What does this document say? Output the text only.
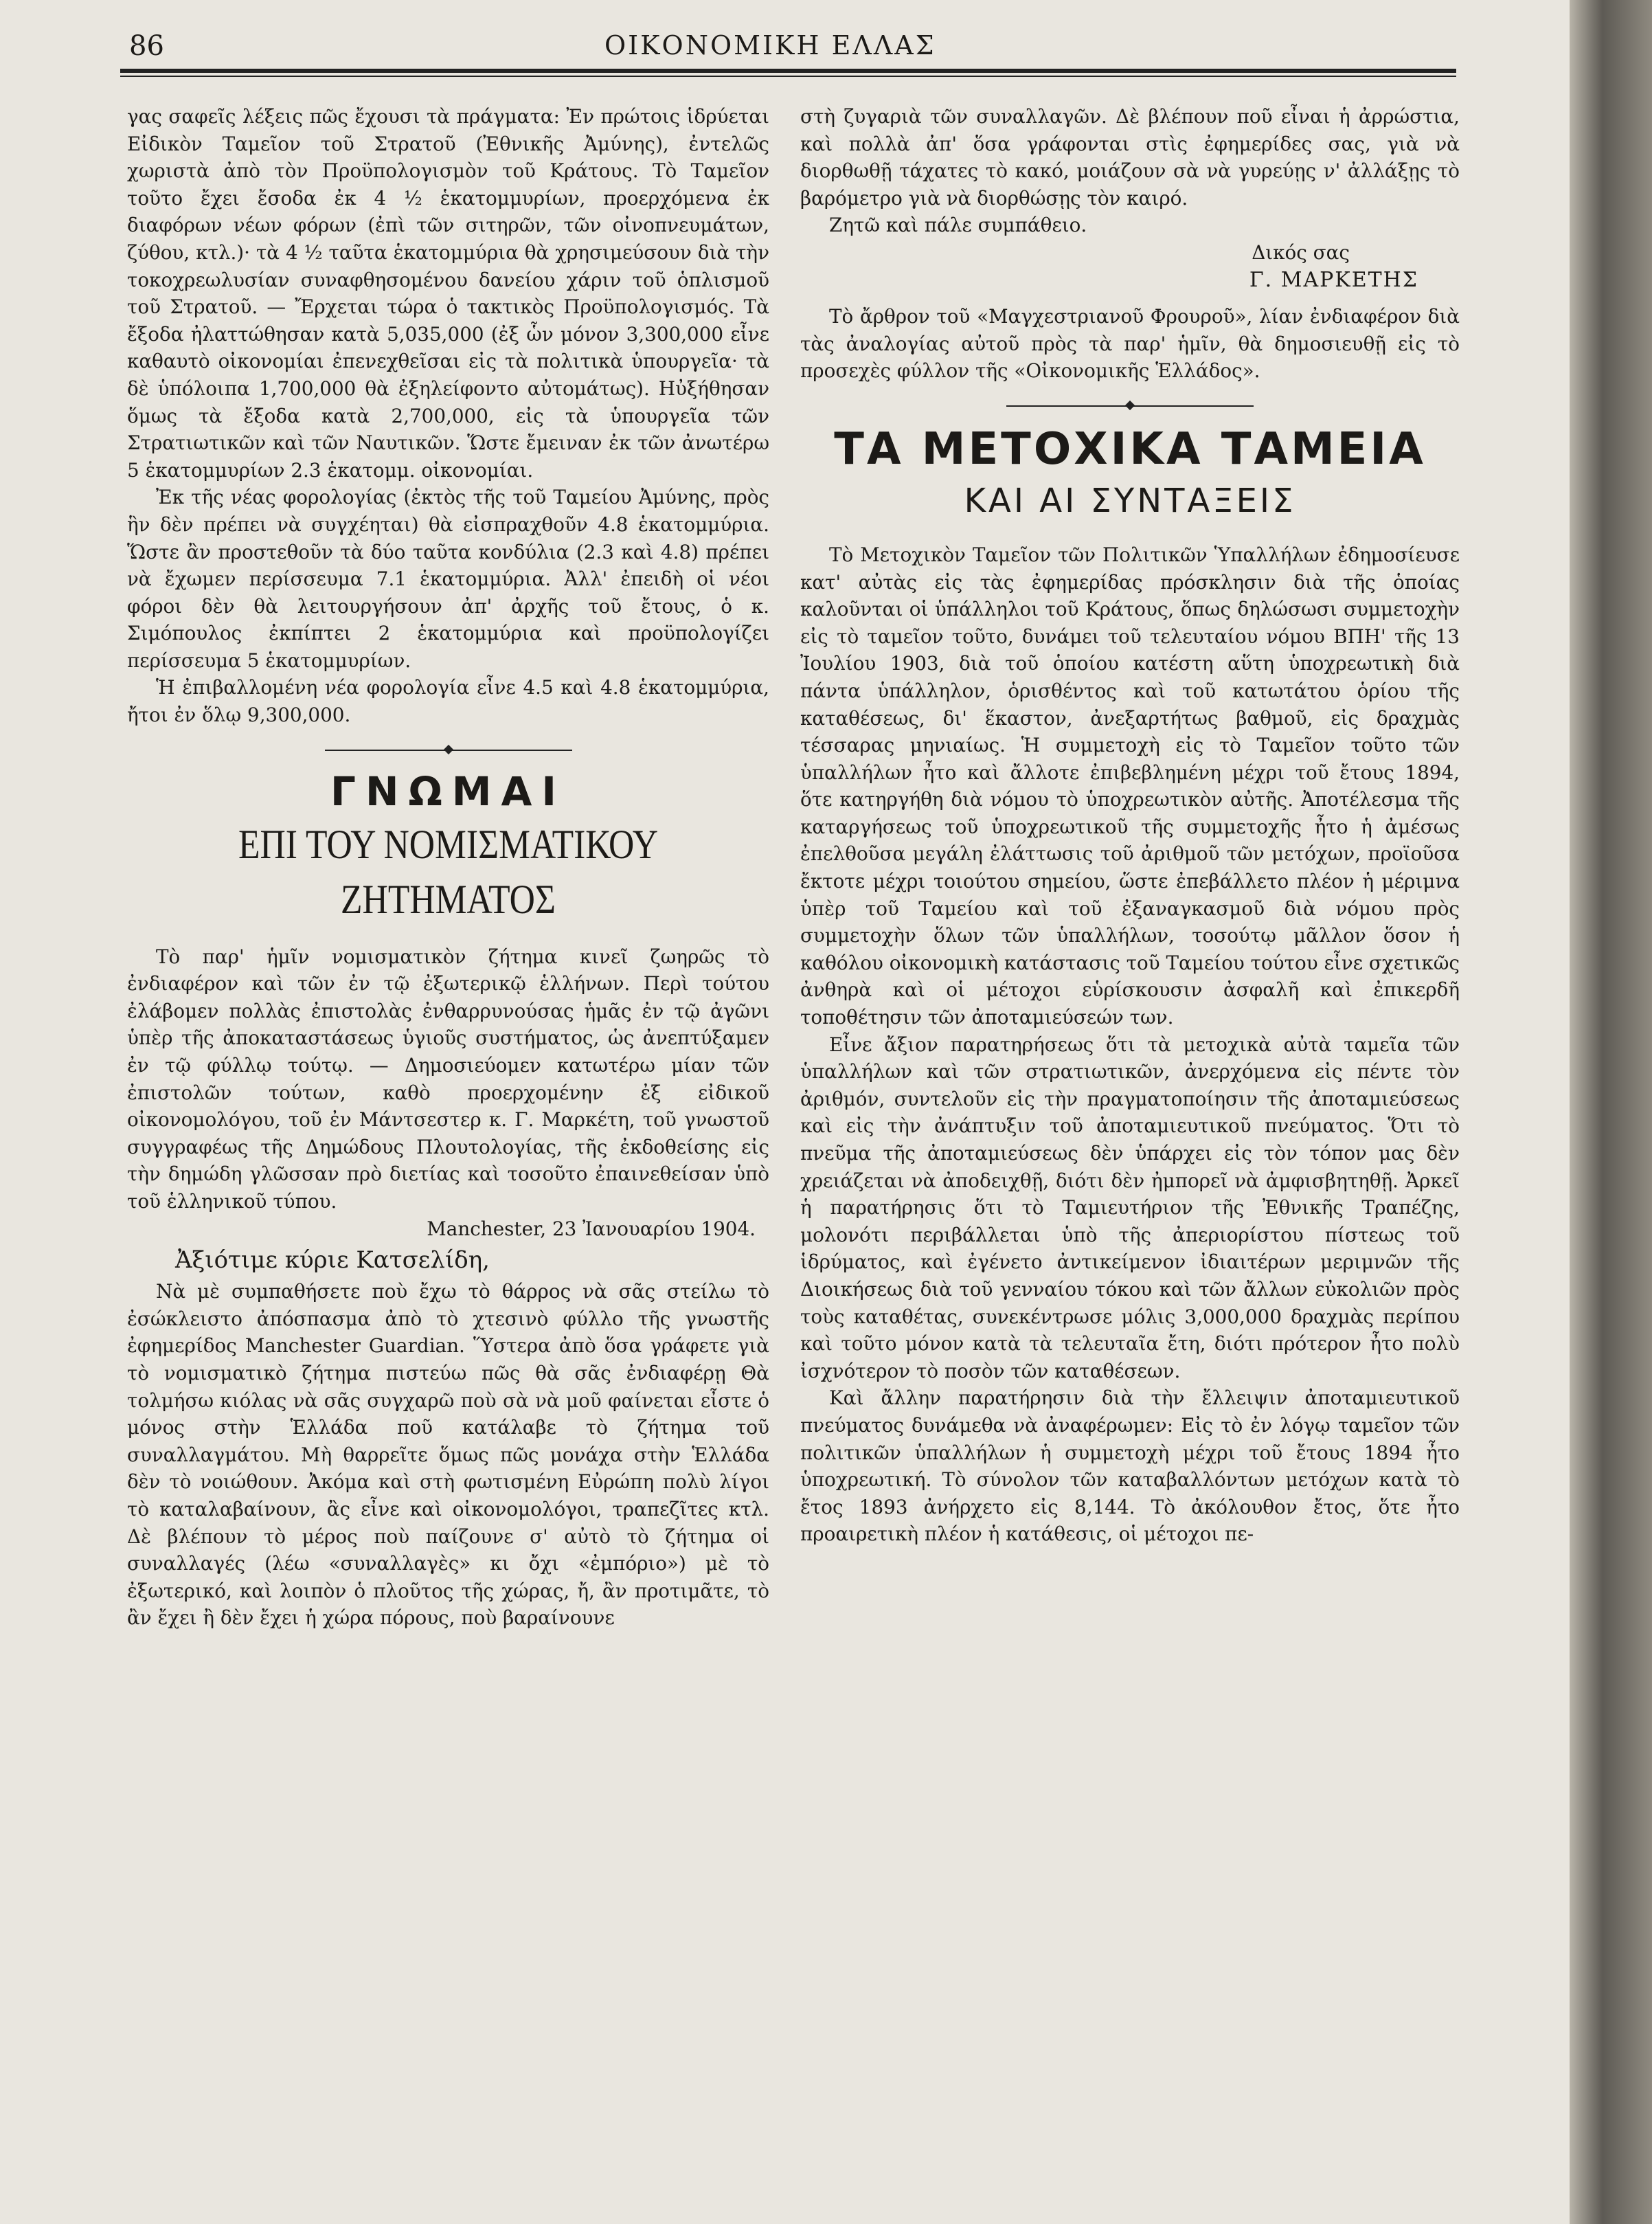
86	ΟΙΚΟΝΟΜΙΚΗ ΕΛΛΑΣ

γας σαφεῖς λέξεις πῶς ἔχουσι τὰ πράγματα: Ἐν πρώτοις ἱδρύεται Εἰδικὸν Ταμεῖον τοῦ Στρατοῦ (Ἐθνικῆς Ἀμύνης), ἐντελῶς χωριστὰ ἀπὸ τὸν Προϋπολογισμὸν τοῦ Κράτους. Τὸ Ταμεῖον τοῦτο ἔχει ἔσοδα ἐκ 4 ½ ἑκατομμυρίων, προερχόμενα ἐκ διαφόρων νέων φόρων (ἐπὶ τῶν σιτηρῶν, τῶν οἰνοπνευμάτων, ζύθου, κτλ.)· τὰ 4 ½ ταῦτα ἑκατομμύρια θὰ χρησιμεύσουν διὰ τὴν τοκοχρεωλυσίαν συναφθησομένου δανείου χάριν τοῦ ὁπλισμοῦ τοῦ Στρατοῦ. — Ἔρχεται τώρα ὁ τακτικὸς Προϋπολογισμός. Τὰ ἔξοδα ἠλαττώθησαν κατὰ 5,035,000 (ἐξ ὧν μόνον 3,300,000 εἶνε καθαυτὸ οἰκονομίαι ἐπενεχθεῖσαι εἰς τὰ πολιτικὰ ὑπουργεῖα· τὰ δὲ ὑπόλοιπα 1,700,000 θὰ ἐξηλείφοντο αὐτομάτως). Ηὐξήθησαν ὅμως τὰ ἔξοδα κατὰ 2,700,000, εἰς τὰ ὑπουργεῖα τῶν Στρατιωτικῶν καὶ τῶν Ναυτικῶν. Ὥστε ἔμειναν ἐκ τῶν ἀνωτέρω 5 ἑκατομμυρίων 2.3 ἑκατομμ. οἰκονομίαι.

Ἐκ τῆς νέας φορολογίας (ἐκτὸς τῆς τοῦ Ταμείου Ἀμύνης, πρὸς ἣν δὲν πρέπει νὰ συγχέηται) θὰ εἰσπραχθοῦν 4.8 ἑκατομμύρια. Ὥστε ἂν προστεθοῦν τὰ δύο ταῦτα κονδύλια (2.3 καὶ 4.8) πρέπει νὰ ἔχωμεν περίσσευμα 7.1 ἑκατομμύρια. Ἀλλ' ἐπειδὴ οἱ νέοι φόροι δὲν θὰ λειτουργήσουν ἀπ' ἀρχῆς τοῦ ἔτους, ὁ κ. Σιμόπουλος ἐκπίπτει 2 ἑκατομμύρια καὶ προϋπολογίζει περίσσευμα 5 ἑκατομμυρίων.

Ἡ ἐπιβαλλομένη νέα φορολογία εἶνε 4.5 καὶ 4.8 ἑκατομμύρια, ἤτοι ἐν ὅλῳ 9,300,000.

ΓΝΩΜΑΙ
ΕΠΙ ΤΟΥ ΝΟΜΙΣΜΑΤΙΚΟΥ ΖΗΤΗΜΑΤΟΣ

Τὸ παρ' ἡμῖν νομισματικὸν ζήτημα κινεῖ ζωηρῶς τὸ ἐνδιαφέρον καὶ τῶν ἐν τῷ ἐξωτερικῷ ἑλλήνων. Περὶ τούτου ἐλάβομεν πολλὰς ἐπιστολὰς ἐνθαρρυνούσας ἡμᾶς ἐν τῷ ἀγῶνι ὑπὲρ τῆς ἀποκαταστάσεως ὑγιοῦς συστήματος, ὡς ἀνεπτύξαμεν ἐν τῷ φύλλῳ τούτῳ. — Δημοσιεύομεν κατωτέρω μίαν τῶν ἐπιστολῶν τούτων, καθὸ προερχομένην ἐξ εἰδικοῦ οἰκονομολόγου, τοῦ ἐν Μάντσεστερ κ. Γ. Μαρκέτη, τοῦ γνωστοῦ συγγραφέως τῆς Δημώδους Πλουτολογίας, τῆς ἐκδοθείσης εἰς τὴν δημώδη γλῶσσαν πρὸ διετίας καὶ τοσοῦτο ἐπαινεθείσαν ὑπὸ τοῦ ἑλληνικοῦ τύπου.

Manchester, 23 Ἰανουαρίου 1904.

Ἀξιότιμε κύριε Κατσελίδη,

Νὰ μὲ συμπαθήσετε ποὺ ἔχω τὸ θάρρος νὰ σᾶς στείλω τὸ ἐσώκλειστο ἀπόσπασμα ἀπὸ τὸ χτεσινὸ φύλλο τῆς γνωστῆς ἐφημερίδος Manchester Guardian. Ὕστερα ἀπὸ ὅσα γράφετε γιὰ τὸ νομισματικὸ ζήτημα πιστεύω πῶς θὰ σᾶς ἐνδιαφέρῃ Θὰ τολμήσω κιόλας νὰ σᾶς συγχαρῶ ποὺ σὰ νὰ μοῦ φαίνεται εἶστε ὁ μόνος στὴν Ἑλλάδα ποῦ κατάλαβε τὸ ζήτημα τοῦ συναλλαγμάτου. Μὴ θαρρεῖτε ὅμως πῶς μονάχα στὴν Ἑλλάδα δὲν τὸ νοιώθουν. Ἀκόμα καὶ στὴ φωτισμένη Εὐρώπη πολὺ λίγοι τὸ καταλαβαίνουν, ἂς εἶνε καὶ οἰκονομολόγοι, τραπεζῖτες κτλ. Δὲ βλέπουν τὸ μέρος ποὺ παίζουνε σ' αὐτὸ τὸ ζήτημα οἱ συναλλαγές (λέω «συναλλαγὲς» κι ὄχι «ἐμπόριο») μὲ τὸ ἐξωτερικό, καὶ λοιπὸν ὁ πλοῦτος τῆς χώρας, ἤ, ἂν προτιμᾶτε, τὸ ἂν ἔχει ἢ δὲν ἔχει ἡ χώρα πόρους, ποὺ βαραίνουνε

στὴ ζυγαριὰ τῶν συναλλαγῶν. Δὲ βλέπουν ποῦ εἶναι ἡ ἀρρώστια, καὶ πολλὰ ἀπ' ὅσα γράφονται στὶς ἐφημερίδες σας, γιὰ νὰ διορθωθῇ τάχατες τὸ κακό, μοιάζουν σὰ νὰ γυρεύῃς ν' ἀλλάξῃς τὸ βαρόμετρο γιὰ νὰ διορθώσῃς τὸν καιρό.

Ζητῶ καὶ πάλε συμπάθειο.

Δικός σας

Γ. ΜΑΡΚΕΤΗΣ

Τὸ ἄρθρον τοῦ «Μαγχεστριανοῦ Φρουροῦ», λίαν ἐνδιαφέρον διὰ τὰς ἀναλογίας αὐτοῦ πρὸς τὰ παρ' ἡμῖν, θὰ δημοσιευθῇ εἰς τὸ προσεχὲς φύλλον τῆς «Οἰκονομικῆς Ἑλλάδος».

ΤΑ ΜΕΤΟΧΙΚΑ ΤΑΜΕΙΑ
ΚΑΙ ΑΙ ΣΥΝΤΑΞΕΙΣ

Τὸ Μετοχικὸν Ταμεῖον τῶν Πολιτικῶν Ὑπαλλήλων ἐδημοσίευσε κατ' αὐτὰς εἰς τὰς ἐφημερίδας πρόσκλησιν διὰ τῆς ὁποίας καλοῦνται οἱ ὑπάλληλοι τοῦ Κράτους, ὅπως δηλώσωσι συμμετοχὴν εἰς τὸ ταμεῖον τοῦτο, δυνάμει τοῦ τελευταίου νόμου ΒΠΗ' τῆς 13 Ἰουλίου 1903, διὰ τοῦ ὁποίου κατέστη αὕτη ὑποχρεωτικὴ διὰ πάντα ὑπάλληλον, ὁρισθέντος καὶ τοῦ κατωτάτου ὁρίου τῆς καταθέσεως, δι' ἕκαστον, ἀνεξαρτήτως βαθμοῦ, εἰς δραχμὰς τέσσαρας μηνιαίως. Ἡ συμμετοχὴ εἰς τὸ Ταμεῖον τοῦτο τῶν ὑπαλλήλων ἦτο καὶ ἄλλοτε ἐπιβεβλημένη μέχρι τοῦ ἔτους 1894, ὅτε κατηργήθη διὰ νόμου τὸ ὑποχρεωτικὸν αὐτῆς. Ἀποτέλεσμα τῆς καταργήσεως τοῦ ὑποχρεωτικοῦ τῆς συμμετοχῆς ἦτο ἡ ἀμέσως ἐπελθοῦσα μεγάλη ἐλάττωσις τοῦ ἀριθμοῦ τῶν μετόχων, προϊοῦσα ἔκτοτε μέχρι τοιούτου σημείου, ὥστε ἐπεβάλλετο πλέον ἡ μέριμνα ὑπὲρ τοῦ Ταμείου καὶ τοῦ ἐξαναγκασμοῦ διὰ νόμου πρὸς συμμετοχὴν ὅλων τῶν ὑπαλλήλων, τοσούτῳ μᾶλλον ὅσον ἡ καθόλου οἰκονομικὴ κατάστασις τοῦ Ταμείου τούτου εἶνε σχετικῶς ἀνθηρὰ καὶ οἱ μέτοχοι εὑρίσκουσιν ἀσφαλῆ καὶ ἐπικερδῆ τοποθέτησιν τῶν ἀποταμιεύσεών των.

Εἶνε ἄξιον παρατηρήσεως ὅτι τὰ μετοχικὰ αὐτὰ ταμεῖα τῶν ὑπαλλήλων καὶ τῶν στρατιωτικῶν, ἀνερχόμενα εἰς πέντε τὸν ἀριθμόν, συντελοῦν εἰς τὴν πραγματοποίησιν τῆς ἀποταμιεύσεως καὶ εἰς τὴν ἀνάπτυξιν τοῦ ἀποταμιευτικοῦ πνεύματος. Ὅτι τὸ πνεῦμα τῆς ἀποταμιεύσεως δὲν ὑπάρχει εἰς τὸν τόπον μας δὲν χρειάζεται νὰ ἀποδειχθῇ, διότι δὲν ἠμπορεῖ νὰ ἀμφισβητηθῇ. Ἀρκεῖ ἡ παρατήρησις ὅτι τὸ Ταμιευτήριον τῆς Ἐθνικῆς Τραπέζης, μολονότι περιβάλλεται ὑπὸ τῆς ἀπεριορίστου πίστεως τοῦ ἱδρύματος, καὶ ἐγένετο ἀντικείμενον ἰδιαιτέρων μεριμνῶν τῆς Διοικήσεως διὰ τοῦ γενναίου τόκου καὶ τῶν ἄλλων εὐκολιῶν πρὸς τοὺς καταθέτας, συνεκέντρωσε μόλις 3,000,000 δραχμὰς περίπου καὶ τοῦτο μόνον κατὰ τὰ τελευταῖα ἔτη, διότι πρότερον ἦτο πολὺ ἰσχνότερον τὸ ποσὸν τῶν καταθέσεων.

Καὶ ἄλλην παρατήρησιν διὰ τὴν ἔλλειψιν ἀποταμιευτικοῦ πνεύματος δυνάμεθα νὰ ἀναφέρωμεν: Εἰς τὸ ἐν λόγῳ ταμεῖον τῶν πολιτικῶν ὑπαλλήλων ἡ συμμετοχὴ μέχρι τοῦ ἔτους 1894 ἦτο ὑποχρεωτική. Τὸ σύνολον τῶν καταβαλλόντων μετόχων κατὰ τὸ ἔτος 1893 ἀνήρχετο εἰς 8,144. Τὸ ἀκόλουθον ἔτος, ὅτε ἦτο προαιρετικὴ πλέον ἡ κατάθεσις, οἱ μέτοχοι πε-
